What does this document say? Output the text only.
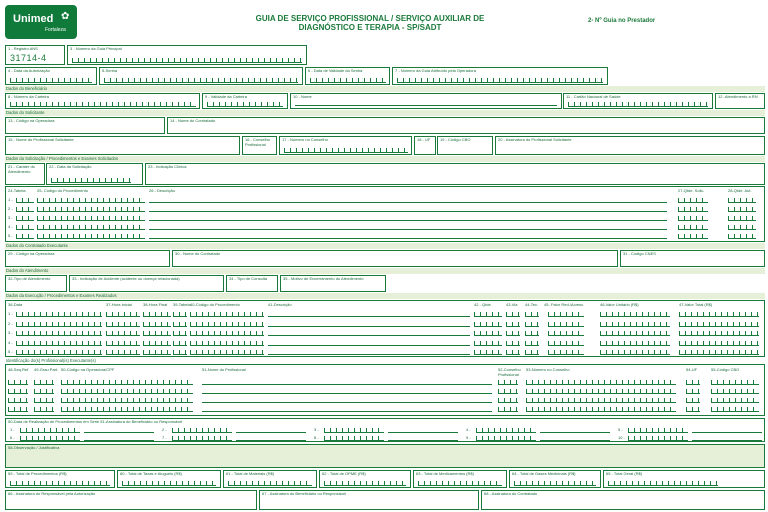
Unimed ✿
Fortaleza
GUIA DE SERVIÇO PROFISSIONAL / SERVIÇO AUXILIAR DE
DIAGNÓSTICO E TERAPIA - SP/SADT
2- Nº Guia no Prestador
1 - Registro ANS
31714-4
3 - Número da Guia Principal
4 - Data da Autorização	5-Senha	6 - Data de Validade da Senha	7 - Número da Guia Atribuído pela Operadora
Dados do Beneficiário
8 - Número da Carteira	9 - Validade da Carteira	10 - Nome	11 - Cartão Nacional de Saúde	12 -Atendimento a RN
Dados do Solicitante
13 - Código na Operadora	14 - Nome do Contratado
15 - Nome do Profissional Solicitante	16 - Conselho Profissional
17 - Número no Conselho	18 - UF 19 - Código CBO	20 - Assinatura do Profissional Solicitante
Dados da Solicitação / Procedimentos e Exames Solicitados
21 - Caráter do Atendimento
22 - Data da Solicitação	23 - Indicação Clínica
24-Tabela	25- Código do Procedimento	26 - Descrição	27-Qtde. Solic.	28-Qtde. Aut.
1 -
2 -
3 -
4 -
5 -
Dados do Contratado Executante
29 - Código na Operadora	30 - Nome do Contratado	31 - Código CNES
Dados do Atendimento
32-Tipo de Atendimento	33 - Indicação de Acidente (acidente ou doença relacionada)	34 - Tipo de Consulta	35 - Motivo de Encerramento do Atendimento
Dados da Execução / Procedimentos e Exames Realizados
36-Data	37-Hora Inicial	38-Hora Final 39-Tabela 40-Código do Procedimento	41-Descrição	42 - Qtde.	43-Via 44-Tec. 45- Fator Red./Acresc.	46-Valor Unitário (R$)	47-Valor Total (R$)
1 -
2 -
3 -
4 -
5 -
Identificação do(s) Profissional(is) Executante(s)
48-Seq.Ref 49-Grau Part. 50-Código na Operadora/CPF	51-Nome do Profissional	52-Conselho Profissional
53-Número no Conselho	54-UF	55-Código CBO
50-Data de Realização de Procedimentos em Série 51-Assinatura do Beneficiário ou Responsável
1 -	2 -	3 -	4 -	5 -
6 -	7 -	8 -	9 -	10 -
58-Observação / Justificativa
59 - Total de Procedimentos (R$)	60 - Total de Taxas e Aluguéis (R$)	61 - Total de Materiais (R$)	62 - Total de OPME (R$)	63 - Total de Medicamentos (R$)	64 - Total de Gases Medicinais (R$)	65 - Total Geral (R$)
66 - Assinatura do Responsável pela Autorização	67 - Assinatura do Beneficiário ou Responsável	68 - Assinatura do Contratado
